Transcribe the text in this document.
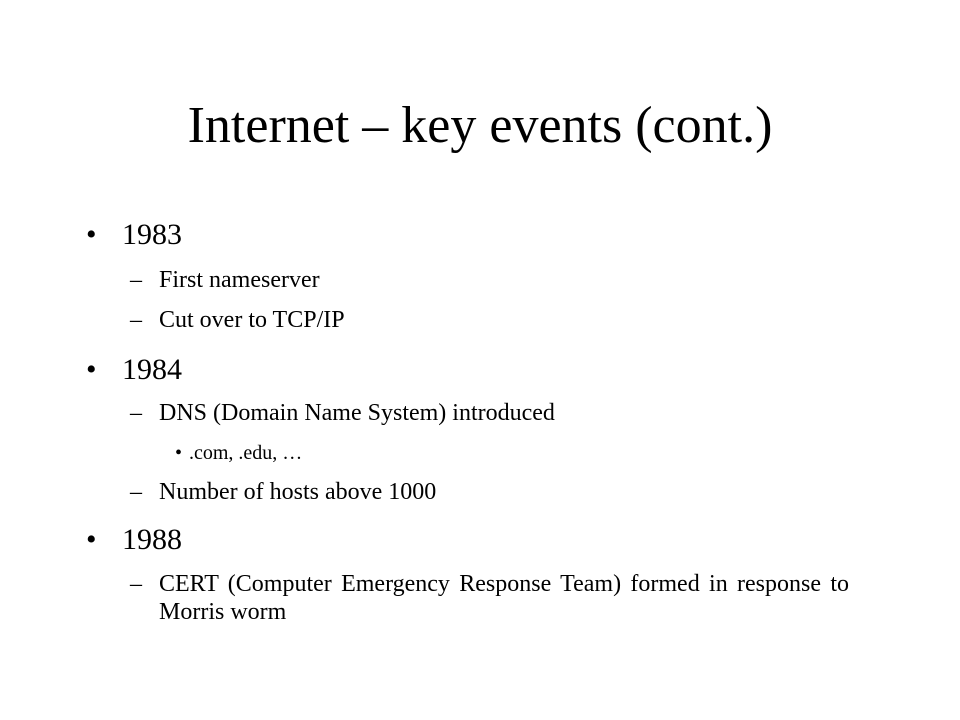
Internet – key events (cont.)
• 1983
– First nameserver
– Cut over to TCP/IP
• 1984
– DNS (Domain Name System) introduced
• .com, .edu, …
– Number of hosts above 1000
• 1988
– CERT (Computer Emergency Response Team) formed in response to Morris worm
